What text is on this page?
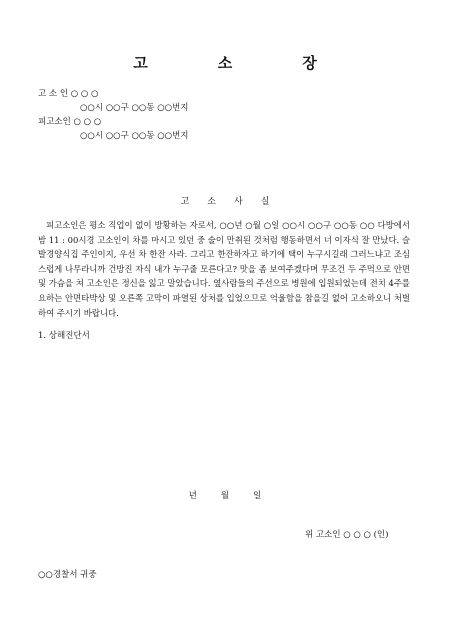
고	소	장
고 소 인 ○ ○ ○
○○시 ○○구 ○○동 ○○번지
피고소인 ○ ○ ○
○○시 ○○구 ○○동 ○○번지
고 소 사 실
피고소인은 평소 직업이 없이 방황하는 자로서, ○○년 ○월 ○일 ○○시 ○○구 ○○동 ○○ 다방에서 밤 11 : 00시경 고소인이 차를 마시고 있던 중 술이 만취된 것처럼 행동하면서 너 이자식 잘 만났다. 슬발경양식집 주인이지, 우선 차 한잔 사라. 그리고 한잔하자고 하기에 택이 누구시길래 그러느냐고 조심스럽게 나무라니까 건방진 자식 내가 누구줄 모른다고? 맛을 좀 보여주겠다며 무조건 두 주먹으로 안면 및 가슴을 쳐 고소인은 정신을 잃고 말았습니다. 옆사람들의 주선으로 병원에 입원되었는데 전치 4주를 요하는 안면타박상 및 오른쪽 고막이 파열된 상처를 입었으므로 억울함을 참을길 없어 고소하오니 처벌하여 주시기 바랍니다.
1. 상해진단서
년	월	일
위 고소인 ○ ○ ○ (인)
○○경찰서 귀중
